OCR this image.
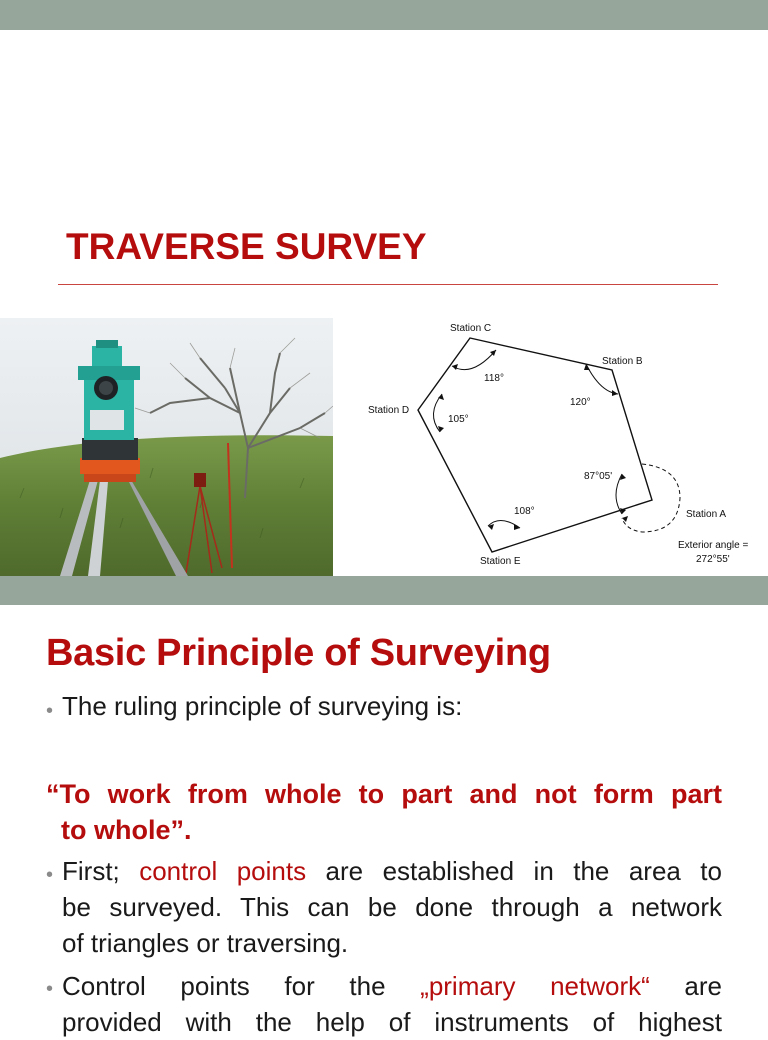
TRAVERSE SURVEY
Station C
Station B
Station D
Station E
Station A
118°
120°
105°
108°
87°05'
Exterior angle =
272°55'
Basic Principle of Surveying
• The ruling principle of surveying is:

“To work from whole to part and not form part
to whole”.

• First; control points are established in the area to
be surveyed. This can be done through a network
of triangles or traversing.

• Control points for the „primary network“ are
provided with the help of instruments of highest
